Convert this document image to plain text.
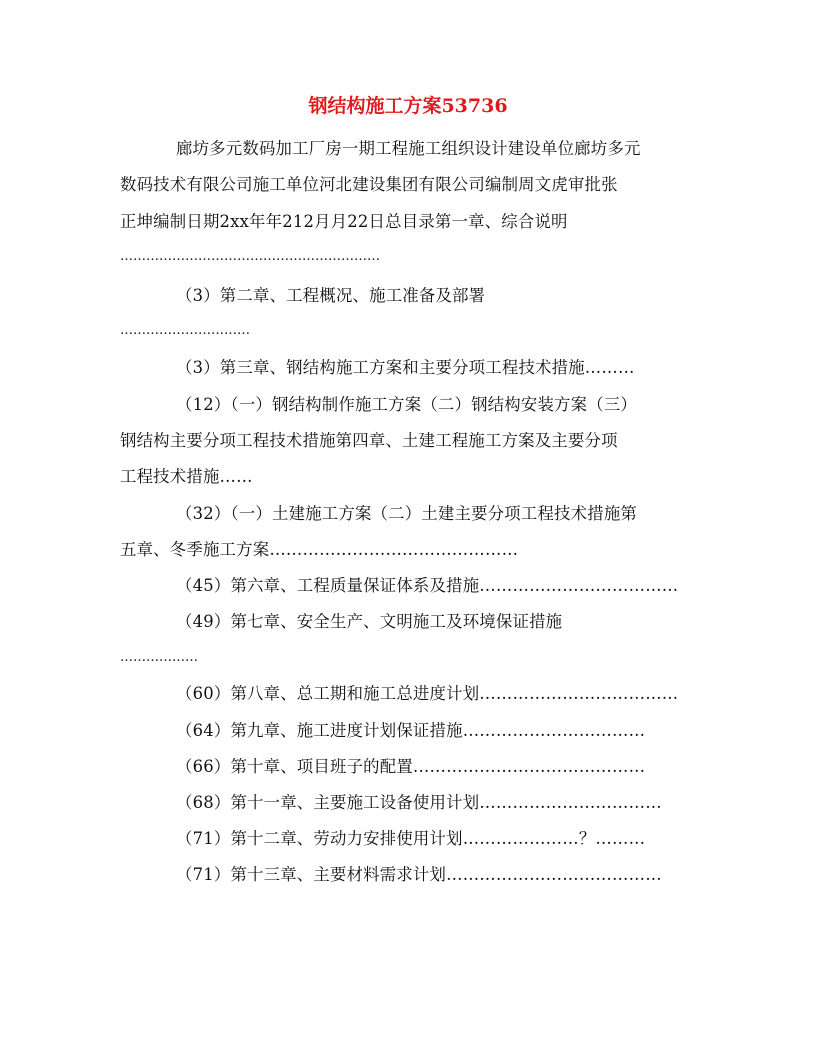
钢结构施工方案53736
廊坊多元数码加工厂房一期工程施工组织设计建设单位廊坊多元
数码技术有限公司施工单位河北建设集团有限公司编制周文虎审批张
正坤编制日期2xx年年212月月22日总目录第一章、综合说明
……………………………………………………
（3）第二章、工程概况、施工准备及部署
…………………………
（3）第三章、钢结构施工方案和主要分项工程技术措施………
（12）（一）钢结构制作施工方案（二）钢结构安装方案（三）
钢结构主要分项工程技术措施第四章、土建工程施工方案及主要分项
工程技术措施……
（32）（一）土建施工方案（二）土建主要分项工程技术措施第
五章、冬季施工方案………………………………………
（45）第六章、工程质量保证体系及措施………………………………
（49）第七章、安全生产、文明施工及环境保证措施
………………
（60）第八章、总工期和施工总进度计划………………………………
（64）第九章、施工进度计划保证措施……………………………
（66）第十章、项目班子的配置……………………………………
（68）第十一章、主要施工设备使用计划……………………………
（71）第十二章、劳动力安排使用计划…………………？………
（71）第十三章、主要材料需求计划…………………………………
